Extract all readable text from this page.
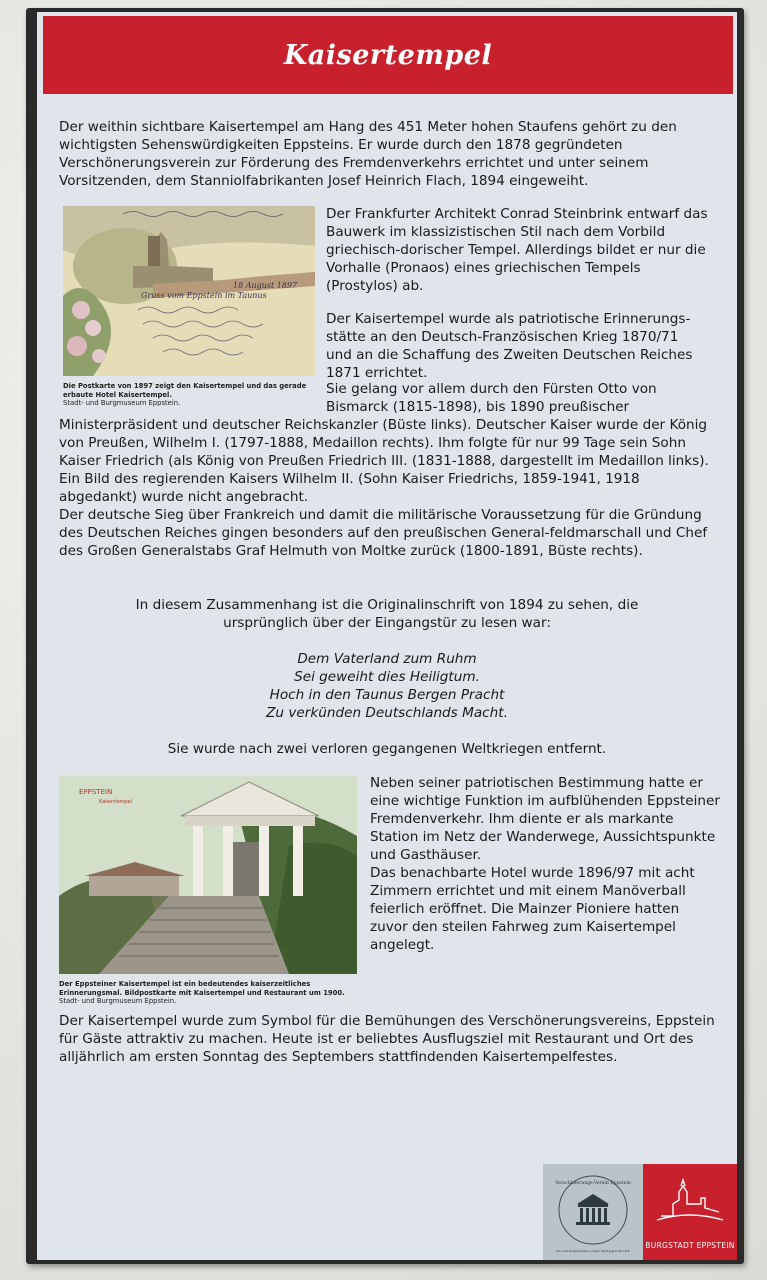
Kaisertempel

Der weithin sichtbare Kaisertempel am Hang des 451 Meter hohen Staufens gehört zu den wichtigsten Sehenswürdigkeiten Eppsteins. Er wurde durch den 1878 gegründeten Verschönerungsverein zur Förderung des Fremdenverkehrs errichtet und unter seinem Vorsitzenden, dem Stanniolfabrikanten Josef Heinrich Flach, 1894 eingeweiht.

Gruss vom Eppstein im Taunus
18 August 1897

Die Postkarte von 1897 zeigt den Kaisertempel und das gerade erbaute Hotel Kaisertempel.
Stadt- und Burgmuseum Eppstein.

Der Frankfurter Architekt Conrad Steinbrink entwarf das Bauwerk im klassizistischen Stil nach dem Vorbild griechisch-dorischer Tempel. Allerdings bildet er nur die Vorhalle (Pronaos) eines griechischen Tempels (Prostylos) ab.

Der Kaisertempel wurde als patriotische Erinnerungs-stätte an den Deutsch-Französischen Krieg 1870/71 und an die Schaffung des Zweiten Deutschen Reiches 1871 errichtet.

Sie gelang vor allem durch den Fürsten Otto von Bismarck (1815-1898), bis 1890 preußischer

Ministerpräsident und deutscher Reichskanzler (Büste links). Deutscher Kaiser wurde der König von Preußen, Wilhelm I. (1797-1888, Medaillon rechts). Ihm folgte für nur 99 Tage sein Sohn Kaiser Friedrich (als König von Preußen Friedrich III. (1831-1888, dargestellt im Medaillon links). Ein Bild des regierenden Kaisers Wilhelm II. (Sohn Kaiser Friedrichs, 1859-1941, 1918 abgedankt) wurde nicht angebracht.

Der deutsche Sieg über Frankreich und damit die militärische Voraussetzung für die Gründung des Deutschen Reiches gingen besonders auf den preußischen General-feldmarschall und Chef des Großen Generalstabs Graf Helmuth von Moltke zurück (1800-1891, Büste rechts).

In diesem Zusammenhang ist die Originalinschrift von 1894 zu sehen, die ursprünglich über der Eingangstür zu lesen war:

Dem Vaterland zum Ruhm
Sei geweiht dies Heiligtum.
Hoch in den Taunus Bergen Pracht
Zu verkünden Deutschlands Macht.

Sie wurde nach zwei verloren gegangenen Weltkriegen entfernt.

EPPSTEIN
Kaisertempel

Der Eppsteiner Kaisertempel ist ein bedeutendes kaiserzeitliches Erinnerungsmal. Bildpostkarte mit Kaisertempel und Restaurant um 1900.
Stadt- und Burgmuseum Eppstein.

Neben seiner patriotischen Bestimmung hatte er eine wichtige Funktion im aufblühenden Eppsteiner Fremdenverkehr. Ihm diente er als markante Station im Netz der Wanderwege, Aussichtspunkte und Gasthäuser.

Das benachbarte Hotel wurde 1896/97 mit acht Zimmern errichtet und mit einem Manöverball feierlich eröffnet. Die Mainzer Pioniere hatten zuvor den steilen Fahrweg zum Kaisertempel angelegt.

Der Kaisertempel wurde zum Symbol für die Bemühungen des Verschönerungsvereins, Eppstein für Gäste attraktiv zu machen. Heute ist er beliebtes Ausflugsziel mit Restaurant und Ort des alljährlich am ersten Sonntag des Septembers stattfindenden Kaisertempelfestes.

Verschönerungs-Verein Eppstein
Der erste Bürgerinitiative unserer Stadt gegründet 1878
BURGSTADT EPPSTEIN
